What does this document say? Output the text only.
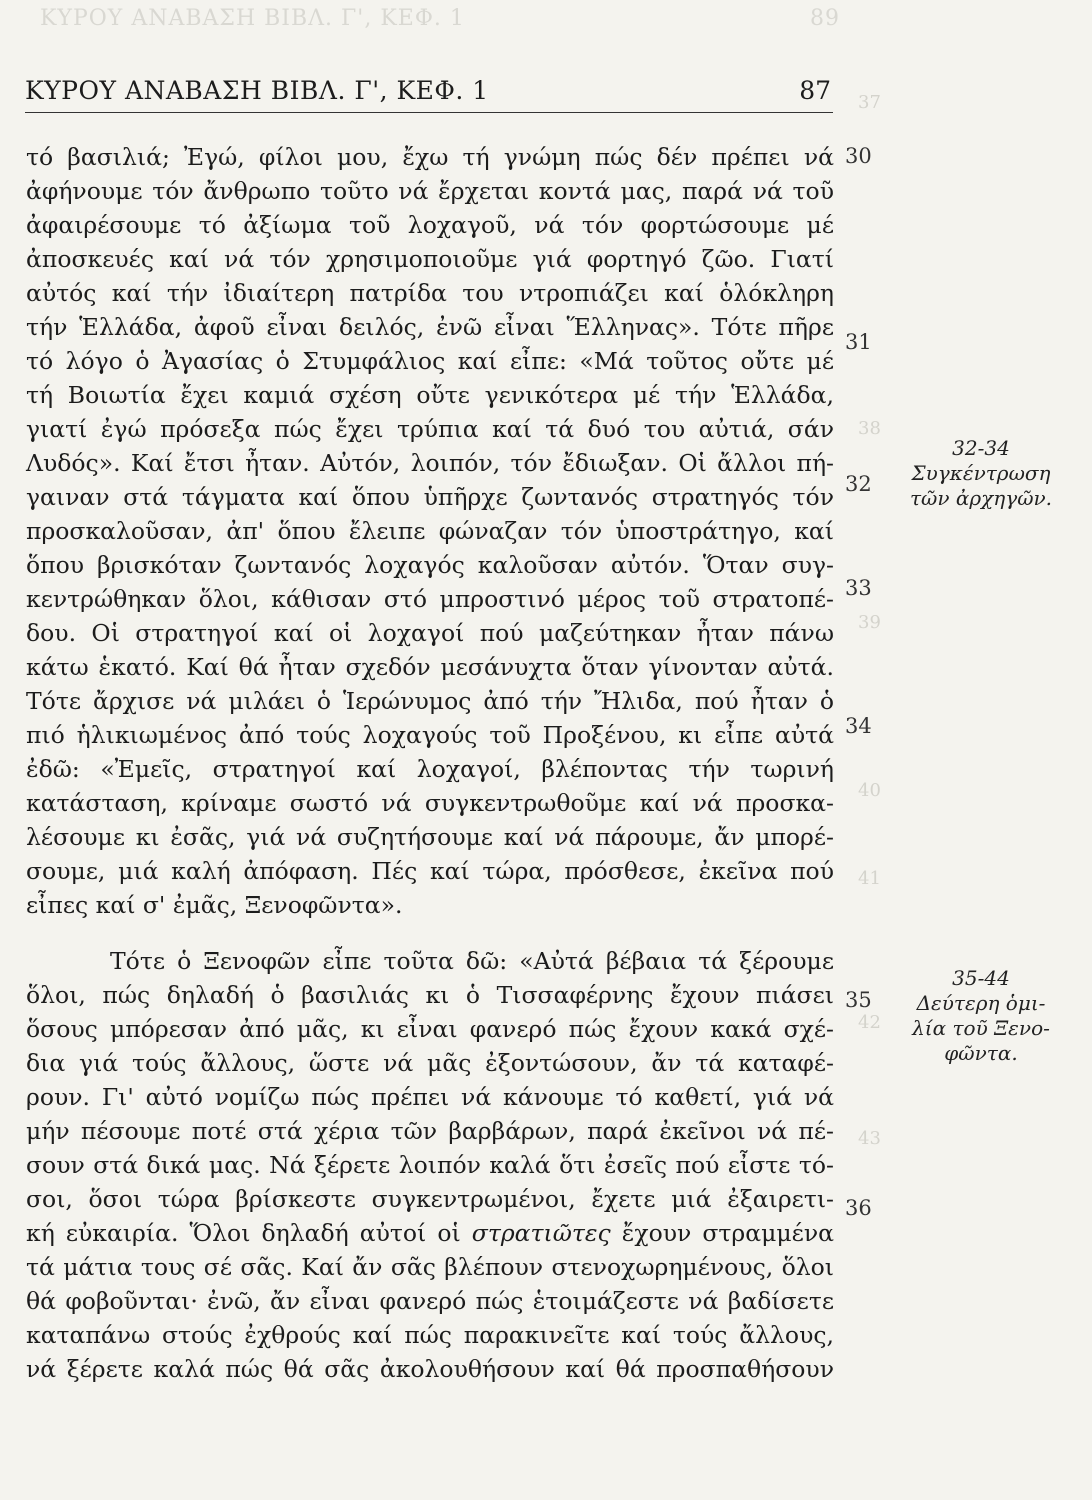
ΚΥΡΟΥ ΑΝΑΒΑΣΗ ΒΙΒΛ. Γ', ΚΕΦ. 1	89
37
38
39
40
41
42
43
ΚΥΡΟΥ ΑΝΑΒΑΣΗ ΒΙΒΛ. Γ', ΚΕΦ. 1	87
τό βασιλιά; Ἐγώ, φίλοι μου, ἔχω τή γνώμη πώς δέν πρέπει νά
ἀφήνουμε τόν ἄνθρωπο τοῦτο νά ἔρχεται κοντά μας, παρά νά τοῦ
ἀφαιρέσουμε τό ἀξίωμα τοῦ λοχαγοῦ, νά τόν φορτώσουμε μέ
ἀποσκευές καί νά τόν χρησιμοποιοῦμε γιά φορτηγό ζῶο. Γιατί
αὐτός καί τήν ἰδιαίτερη πατρίδα του ντροπιάζει καί ὁλόκληρη
τήν Ἑλλάδα, ἀφοῦ εἶναι δειλός, ἐνῶ εἶναι Ἕλληνας». Τότε πῆρε
τό λόγο ὁ Ἀγασίας ὁ Στυμφάλιος καί εἶπε: «Μά τοῦτος οὔτε μέ
τή Βοιωτία ἔχει καμιά σχέση οὔτε γενικότερα μέ τήν Ἑλλάδα,
γιατί ἐγώ πρόσεξα πώς ἔχει τρύπια καί τά δυό του αὐτιά, σάν
Λυδός». Καί ἔτσι ἦταν. Αὐτόν, λοιπόν, τόν ἔδιωξαν. Οἱ ἄλλοι πή-
γαιναν στά τάγματα καί ὅπου ὑπῆρχε ζωντανός στρατηγός τόν
προσκαλοῦσαν, ἀπ' ὅπου ἔλειπε φώναζαν τόν ὑποστράτηγο, καί
ὅπου βρισκόταν ζωντανός λοχαγός καλοῦσαν αὐτόν. Ὅταν συγ-
κεντρώθηκαν ὅλοι, κάθισαν στό μπροστινό μέρος τοῦ στρατοπέ-
δου. Οἱ στρατηγοί καί οἱ λοχαγοί πού μαζεύτηκαν ἦταν πάνω
κάτω ἑκατό. Καί θά ἦταν σχεδόν μεσάνυχτα ὅταν γίνονταν αὐτά.
Τότε ἄρχισε νά μιλάει ὁ Ἱερώνυμος ἀπό τήν Ἤλιδα, πού ἦταν ὁ
πιό ἡλικιωμένος ἀπό τούς λοχαγούς τοῦ Προξένου, κι εἶπε αὐτά
ἐδῶ: «Ἐμεῖς, στρατηγοί καί λοχαγοί, βλέποντας τήν τωρινή
κατάσταση, κρίναμε σωστό νά συγκεντρωθοῦμε καί νά προσκα-
λέσουμε κι ἐσᾶς, γιά νά συζητήσουμε καί νά πάρουμε, ἄν μπορέ-
σουμε, μιά καλή ἀπόφαση. Πές καί τώρα, πρόσθεσε, ἐκεῖνα πού
εἶπες καί σ' ἐμᾶς, Ξενοφῶντα».
Τότε ὁ Ξενοφῶν εἶπε τοῦτα δῶ: «Αὐτά βέβαια τά ξέρουμε
ὅλοι, πώς δηλαδή ὁ βασιλιάς κι ὁ Τισσαφέρνης ἔχουν πιάσει
ὅσους μπόρεσαν ἀπό μᾶς, κι εἶναι φανερό πώς ἔχουν κακά σχέ-
δια γιά τούς ἄλλους, ὥστε νά μᾶς ἐξοντώσουν, ἄν τά καταφέ-
ρουν. Γι' αὐτό νομίζω πώς πρέπει νά κάνουμε τό καθετί, γιά νά
μήν πέσουμε ποτέ στά χέρια τῶν βαρβάρων, παρά ἐκεῖνοι νά πέ-
σουν στά δικά μας. Νά ξέρετε λοιπόν καλά ὅτι ἐσεῖς πού εἶστε τό-
σοι, ὅσοι τώρα βρίσκεστε συγκεντρωμένοι, ἔχετε μιά ἐξαιρετι-
κή εὐκαιρία. Ὅλοι δηλαδή αὐτοί οἱ στρατιῶτες ἔχουν στραμμένα
τά μάτια τους σέ σᾶς. Καί ἄν σᾶς βλέπουν στενοχωρημένους, ὅλοι
θά φοβοῦνται· ἐνῶ, ἄν εἶναι φανερό πώς ἑτοιμάζεστε νά βαδίσετε
καταπάνω στούς ἐχθρούς καί πώς παρακινεῖτε καί τούς ἄλλους,
νά ξέρετε καλά πώς θά σᾶς ἀκολουθήσουν καί θά προσπαθήσουν
30
31
32
33
34
35
36
32-34
Συγκέντρωση
τῶν ἀρχηγῶν.
35-44
Δεύτερη ὁμι-
λία τοῦ Ξενο-
φῶντα.
